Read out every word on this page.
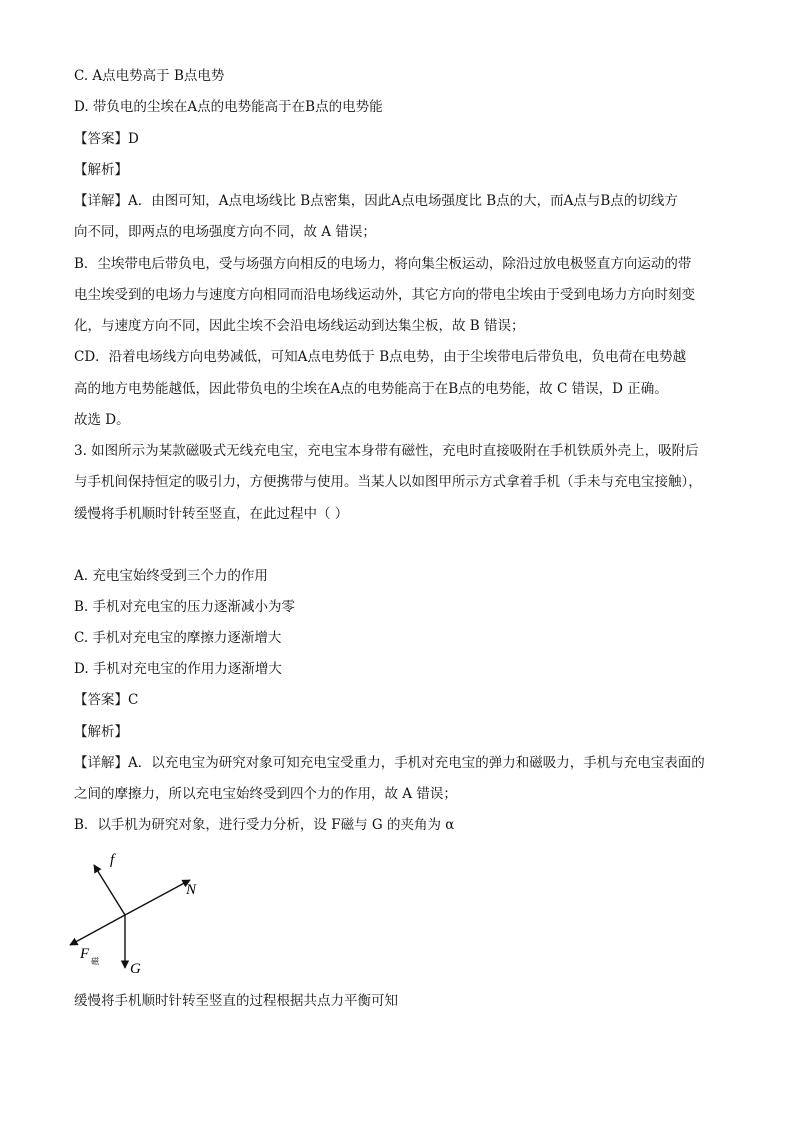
C. A点电势高于 B点电势
D. 带负电的尘埃在A点的电势能高于在B点的电势能
【答案】D
【解析】
【详解】A．由图可知，A点电场线比 B点密集，因此A点电场强度比 B点的大，而A点与B点的切线方
向不同，即两点的电场强度方向不同，故 A 错误；
B．尘埃带电后带负电，受与场强方向相反的电场力，将向集尘板运动，除沿过放电极竖直方向运动的带
电尘埃受到的电场力与速度方向相同而沿电场线运动外，其它方向的带电尘埃由于受到电场力方向时刻变
化，与速度方向不同，因此尘埃不会沿电场线运动到达集尘板，故 B 错误；
CD．沿着电场线方向电势减低，可知A点电势低于 B点电势，由于尘埃带电后带负电，负电荷在电势越
高的地方电势能越低，因此带负电的尘埃在A点的电势能高于在B点的电势能，故 C 错误，D 正确。
故选 D。
3. 如图所示为某款磁吸式无线充电宝，充电宝本身带有磁性，充电时直接吸附在手机铁质外壳上，吸附后
与手机间保持恒定的吸引力，方便携带与使用。当某人以如图甲所示方式拿着手机（手未与充电宝接触），
缓慢将手机顺时针转至竖直，在此过程中（ ）
A. 充电宝始终受到三个力的作用
B. 手机对充电宝的压力逐渐减小为零
C. 手机对充电宝的摩擦力逐渐增大
D. 手机对充电宝的作用力逐渐增大
【答案】C
【解析】
【详解】A．以充电宝为研究对象可知充电宝受重力，手机对充电宝的弹力和磁吸力，手机与充电宝表面的
之间的摩擦力，所以充电宝始终受到四个力的作用，故 A 错误；
B．以手机为研究对象，进行受力分析，设 F磁与 G 的夹角为 α
f
N
F 磁 G
缓慢将手机顺时针转至竖直的过程根据共点力平衡可知
